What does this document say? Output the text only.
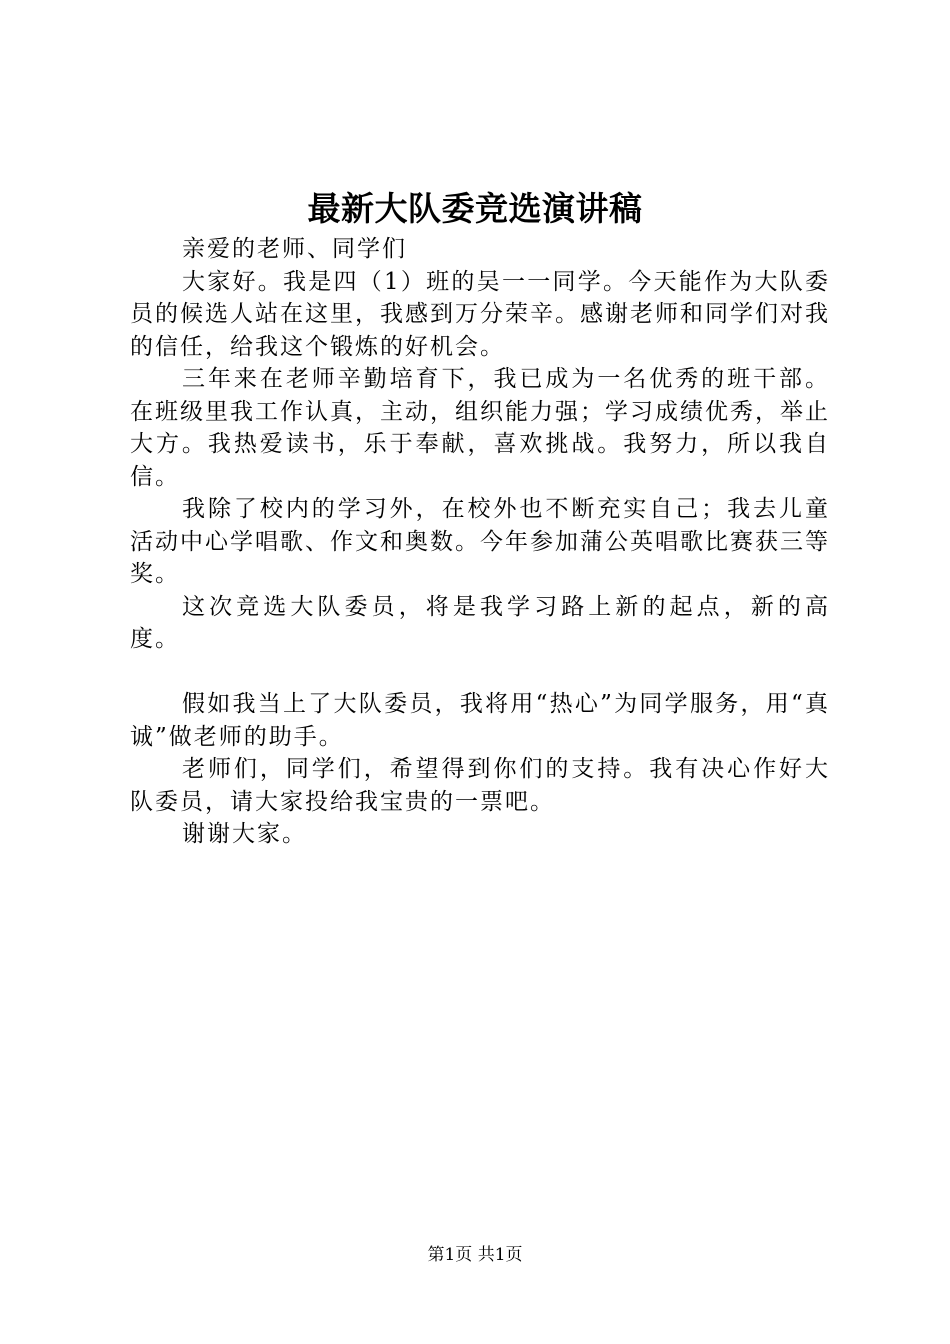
最新大队委竞选演讲稿

亲爱的老师、同学们

大家好。我是四（1）班的吴一一同学。今天能作为大队委员的候选人站在这里，我感到万分荣辛。感谢老师和同学们对我的信任，给我这个锻炼的好机会。

三年来在老师辛勤培育下，我已成为一名优秀的班干部。在班级里我工作认真，主动，组织能力强；学习成绩优秀，举止大方。我热爱读书，乐于奉献，喜欢挑战。我努力，所以我自信。

我除了校内的学习外，在校外也不断充实自己；我去儿童活动中心学唱歌、作文和奥数。今年参加蒲公英唱歌比赛获三等奖。

这次竞选大队委员，将是我学习路上新的起点，新的高度。

假如我当上了大队委员，我将用“热心”为同学服务，用“真诚”做老师的助手。

老师们，同学们，希望得到你们的支持。我有决心作好大队委员，请大家投给我宝贵的一票吧。

谢谢大家。

第1页 共1页
